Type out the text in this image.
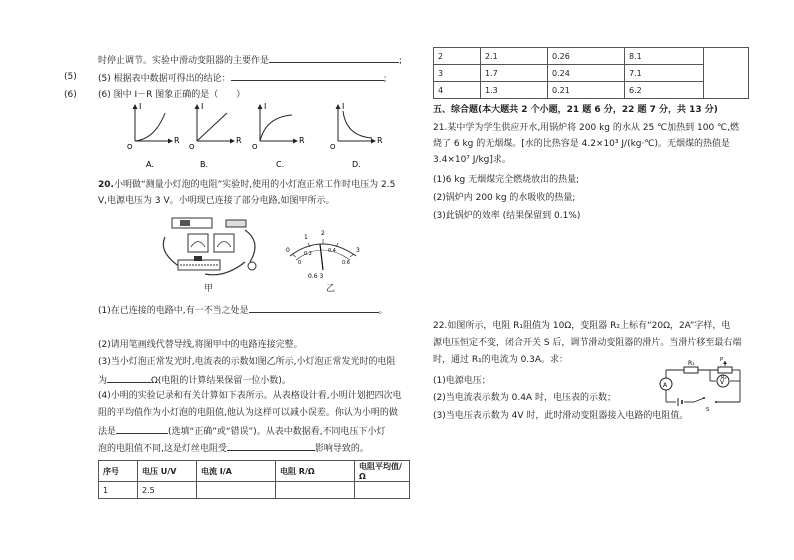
时停止调节。实验中滑动变阻器的主要作是	;
(5) (5) 根据表中数据可得出的结论：	;
(6) (6) 图中 I－R 图象正确的是（　　）
I
R
O
A.
I
R
O
B.
I
R
O
C.
I
R
O
D.
20.小明做“测量小灯泡的电阻”实验时,使用的小灯泡正常工作时电压为 2.5
V,电源电压为 3 V。小明现已连接了部分电路,如图甲所示。
甲
0
1
2
3
0
0.2	0.4
0.6
0.6 3
乙
(1)在已连接的电路中,有一不当之处是	。
(2)请用笔画线代替导线,将图甲中的电路连接完整。
(3)当小灯泡正常发光时,电流表的示数如图乙所示,小灯泡正常发光时的电阻
为	Ω(电阻的计算结果保留一位小数)。
(4)小明的实验记录和有关计算如下表所示。从表格设计看,小明计划把四次电
阻的平均值作为小灯泡的电阻值,他认为这样可以减小误差。你认为小明的做
法是	(选填“正确”或“错误”)。从表中数据看,不同电压下小灯
泡的电阻值不同,这是灯丝电阻受	影响导致的。
序号	电压 U/V	电流 I/A	电阻 R/Ω	电阻平均值/Ω
1	2.5			
2	2.1	0.26	8.1	
3	1.7	0.24	7.1	
4	1.3	0.21	6.2	
五、综合题(本大题共 2 个小题，21 题 6 分，22 题 7 分，共 13 分)
21.某中学为学生供应开水,用锅炉将 200 kg 的水从 25 ℃加热到 100 ℃,燃
烧了 6 kg 的无烟煤。[水的比热容是 4.2×10³ J/(kg·℃)。无烟煤的热值是
3.4×10⁷ J/kg]求。
(1)6 kg 无烟煤完全燃烧放出的热量;
(2)锅炉内 200 kg 的水吸收的热量;
(3)此锅炉的效率 (结果保留到 0.1%)
22.如图所示，电阻 R₁阻值为 10Ω，变阻器 R₂上标有“20Ω，2A”字样，电
源电压恒定不变，闭合开关 S 后，调节滑动变阻器的滑片。当滑片移至最右端
时，通过 R₁的电流为 0.3A。求：
(1)电源电压；
(2)当电流表示数为 0.4A 时，电压表的示数；
(3)当电压表示数为 4V 时，此时滑动变阻器接入电路的电阻值。
A	V
R₁
R₂
P
S
